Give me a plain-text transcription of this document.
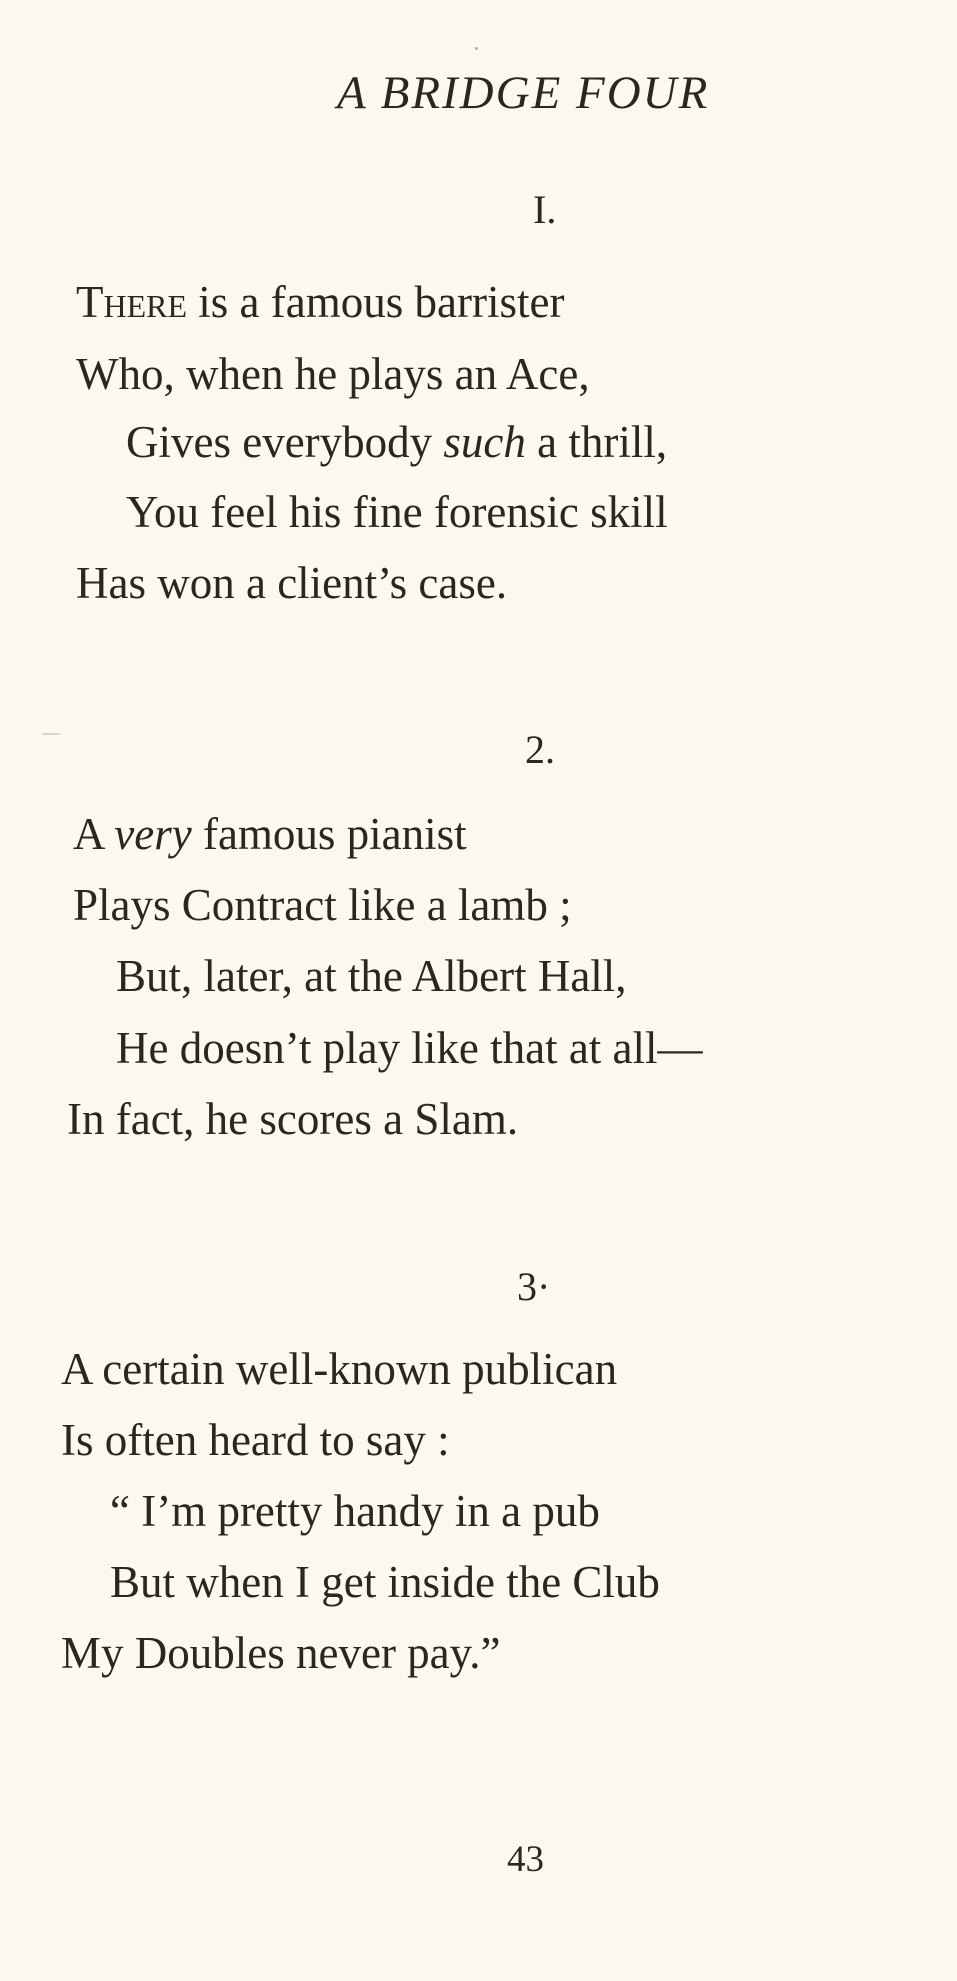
A BRIDGE FOUR
I.
There is a famous barrister
Who, when he plays an Ace,
Gives everybody such a thrill,
You feel his fine forensic skill
Has won a client’s case.
2.
A very famous pianist
Plays Contract like a lamb ;
But, later, at the Albert Hall,
He doesn’t play like that at all—
In fact, he scores a Slam.
3·
A certain well-known publican
Is often heard to say :
“ I’m pretty handy in a pub
But when I get inside the Club
My Doubles never pay.”
43
